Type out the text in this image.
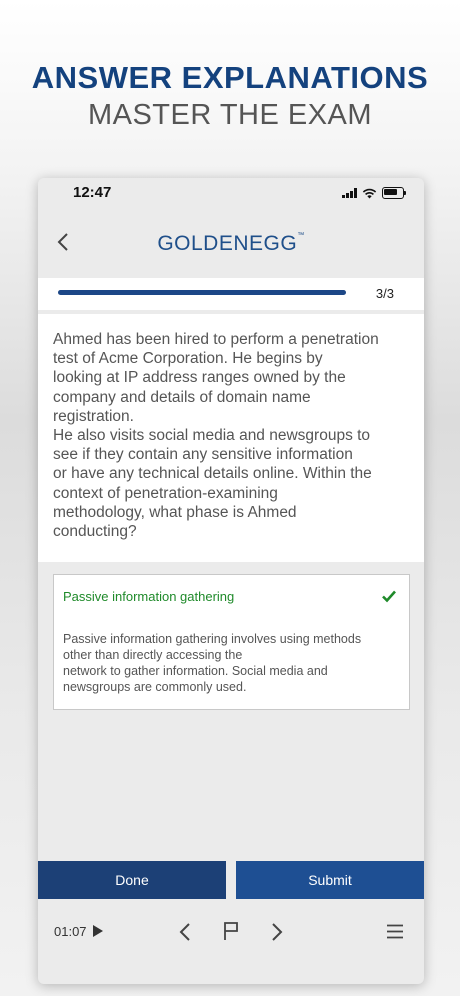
ANSWER EXPLANATIONS
MASTER THE EXAM
12:47
GOLDENEGG™
3/3
Ahmed has been hired to perform a penetration
test of Acme Corporation. He begins by
looking at IP address ranges owned by the
company and details of domain name
registration.
He also visits social media and newsgroups to
see if they contain any sensitive information
or have any technical details online. Within the
context of penetration-examining
methodology, what phase is Ahmed
conducting?
Passive information gathering
Passive information gathering involves using methods
other than directly accessing the
network to gather information. Social media and
newsgroups are commonly used.
Done	Submit
01:07
